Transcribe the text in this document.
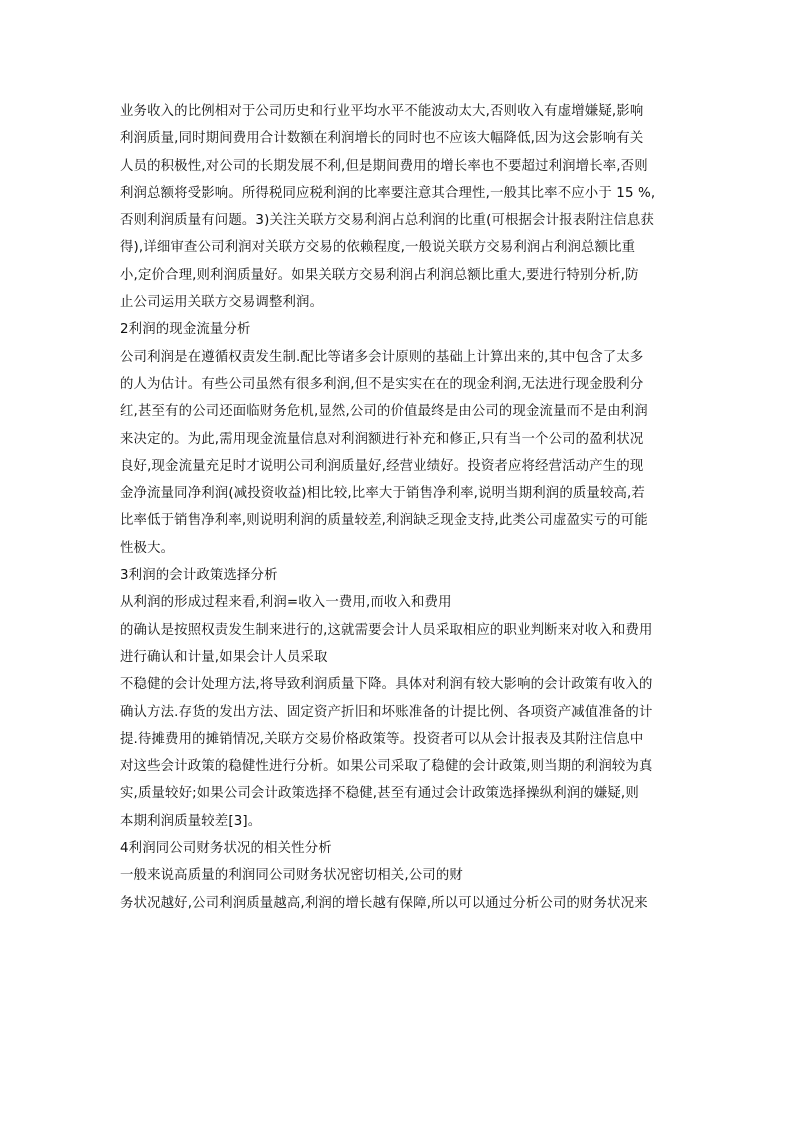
业务收入的比例相对于公司历史和行业平均水平不能波动太大,否则收入有虚增嫌疑,影响
利润质量,同时期间费用合计数额在利润增长的同时也不应该大幅降低,因为这会影响有关
人员的积极性,对公司的长期发展不利,但是期间费用的增长率也不要超过利润增长率,否则
利润总额将受影响。所得税同应税利润的比率要注意其合理性,一般其比率不应小于 15 %,
否则利润质量有问题。3)关注关联方交易利润占总利润的比重(可根据会计报表附注信息获
得),详细审查公司利润对关联方交易的依赖程度,一般说关联方交易利润占利润总额比重
小,定价合理,则利润质量好。如果关联方交易利润占利润总额比重大,要进行特别分析,防
止公司运用关联方交易调整利润。
2利润的现金流量分析
公司利润是在遵循权责发生制.配比等诸多会计原则的基础上计算出来的,其中包含了太多
的人为估计。有些公司虽然有很多利润,但不是实实在在的现金利润,无法进行现金股利分
红,甚至有的公司还面临财务危机,显然,公司的价值最终是由公司的现金流量而不是由利润
来决定的。为此,需用现金流量信息对利润额进行补充和修正,只有当一个公司的盈利状况
良好,现金流量充足时才说明公司利润质量好,经营业绩好。投资者应将经营活动产生的现
金净流量同净利润(减投资收益)相比较,比率大于销售净利率,说明当期利润的质量较高,若
比率低于销售净利率,则说明利润的质量较差,利润缺乏现金支持,此类公司虚盈实亏的可能
性极大。
3利润的会计政策选择分析
从利润的形成过程来看,利润=收入一费用,而收入和费用
的确认是按照权责发生制来进行的,这就需要会计人员采取相应的职业判断来对收入和费用
进行确认和计量,如果会计人员采取
不稳健的会计处理方法,将导致利润质量下降。具体对利润有较大影响的会计政策有收入的
确认方法.存货的发出方法、固定资产折旧和坏账准备的计提比例、各项资产减值准备的计
提.待摊费用的摊销情况,关联方交易价格政策等。投资者可以从会计报表及其附注信息中
对这些会计政策的稳健性进行分析。如果公司采取了稳健的会计政策,则当期的利润较为真
实,质量较好;如果公司会计政策选择不稳健,甚至有通过会计政策选择操纵利润的嫌疑,则
本期利润质量较差[3]。
4利润同公司财务状况的相关性分析
一般来说高质量的利润同公司财务状况密切相关,公司的财
务状况越好,公司利润质量越高,利润的增长越有保障,所以可以通过分析公司的财务状况来
